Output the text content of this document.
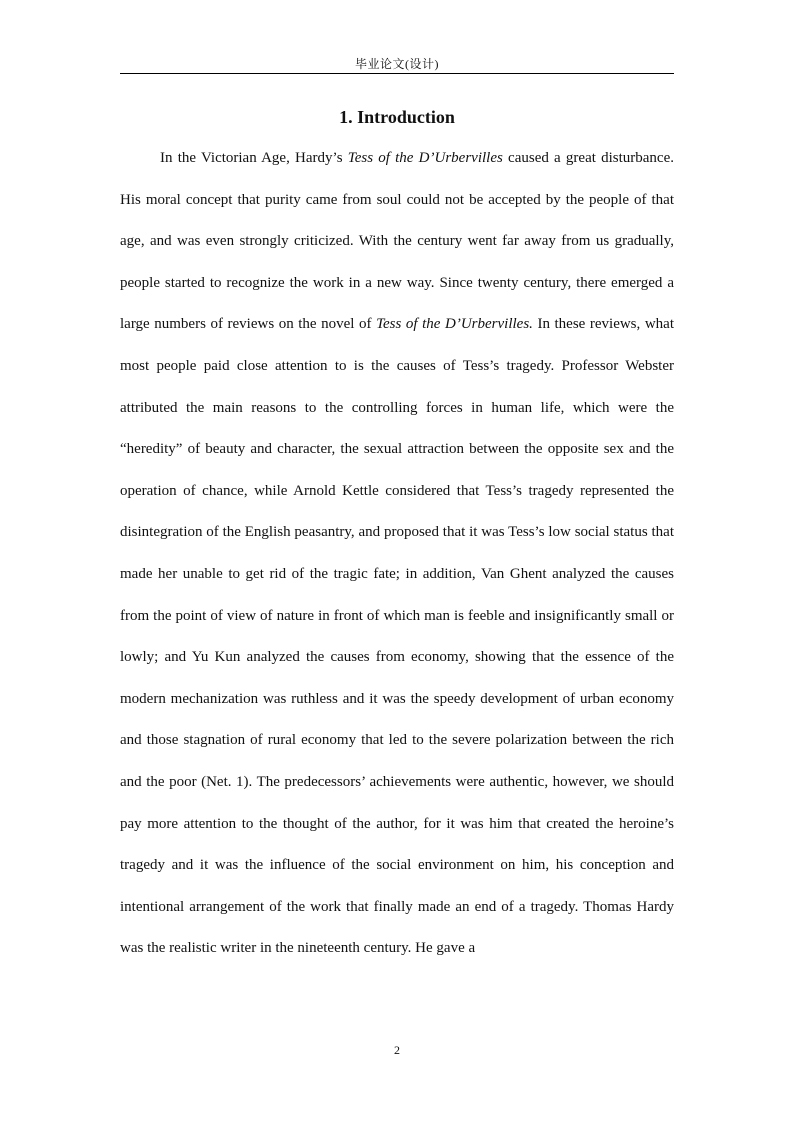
毕业论文(设计)
1. Introduction

In the Victorian Age, Hardy’s Tess of the D’Urbervilles caused a great disturbance. His moral concept that purity came from soul could not be accepted by the people of that age, and was even strongly criticized. With the century went far away from us gradually, people started to recognize the work in a new way. Since twenty century, there emerged a large numbers of reviews on the novel of Tess of the D’Urbervilles. In these reviews, what most people paid close attention to is the causes of Tess’s tragedy. Professor Webster attributed the main reasons to the controlling forces in human life, which were the “heredity” of beauty and character, the sexual attraction between the opposite sex and the operation of chance, while Arnold Kettle considered that Tess’s tragedy represented the disintegration of the English peasantry, and proposed that it was Tess’s low social status that made her unable to get rid of the tragic fate; in addition, Van Ghent analyzed the causes from the point of view of nature in front of which man is feeble and insignificantly small or lowly; and Yu Kun analyzed the causes from economy, showing that the essence of the modern mechanization was ruthless and it was the speedy development of urban economy and those stagnation of rural economy that led to the severe polarization between the rich and the poor (Net. 1). The predecessors’ achievements were authentic, however, we should pay more attention to the thought of the author, for it was him that created the heroine’s tragedy and it was the influence of the social environment on him, his conception and intentional arrangement of the work that finally made an end of a tragedy. Thomas Hardy was the realistic writer in the nineteenth century. He gave a

2
